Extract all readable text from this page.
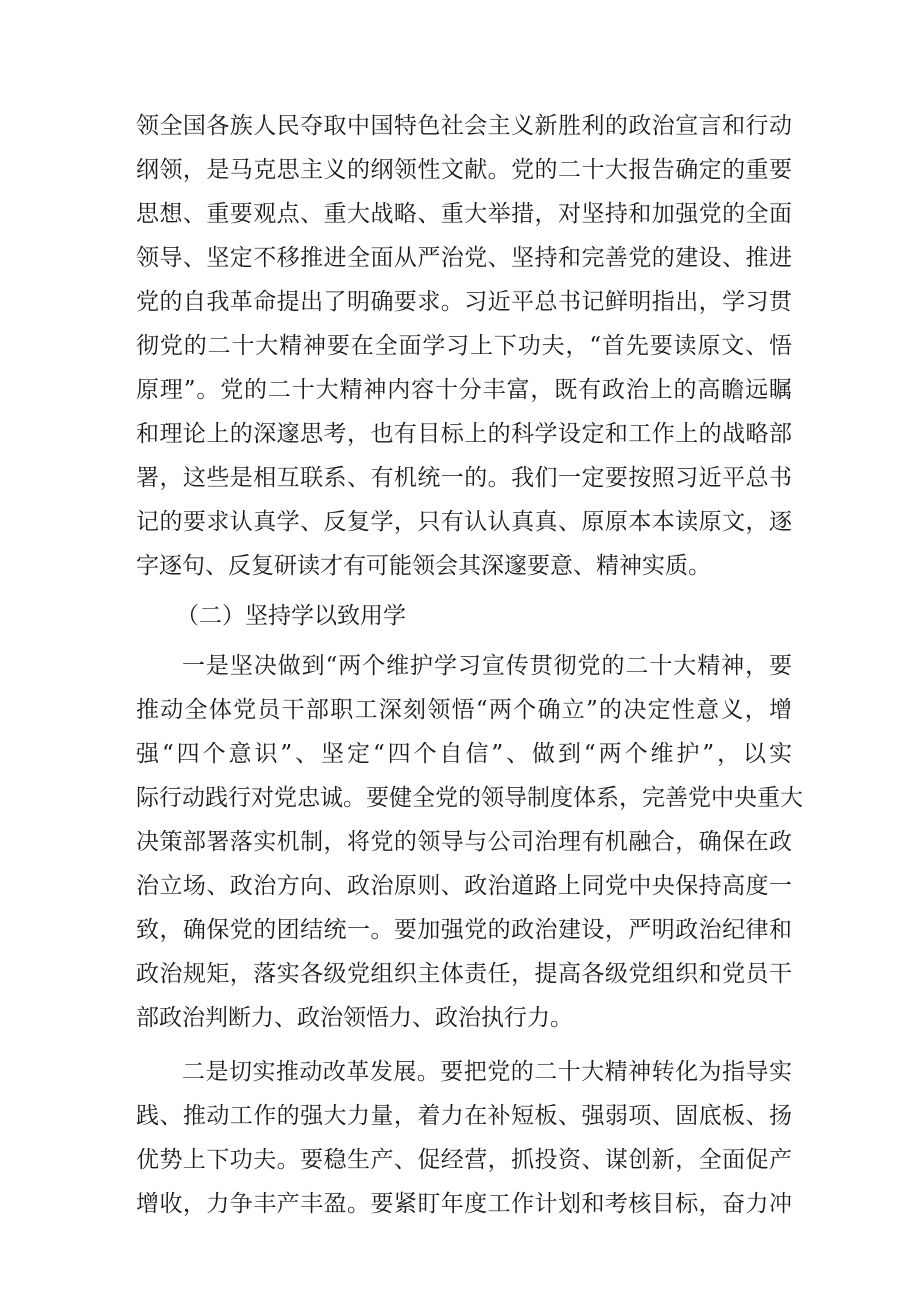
领全国各族人民夺取中国特色社会主义新胜利的政治宣言和行动
纲领，是马克思主义的纲领性文献。党的二十大报告确定的重要
思想、重要观点、重大战略、重大举措，对坚持和加强党的全面
领导、坚定不移推进全面从严治党、坚持和完善党的建设、推进
党的自我革命提出了明确要求。习近平总书记鲜明指出，学习贯
彻党的二十大精神要在全面学习上下功夫，“首先要读原文、悟
原理”。党的二十大精神内容十分丰富，既有政治上的高瞻远瞩
和理论上的深邃思考，也有目标上的科学设定和工作上的战略部
署，这些是相互联系、有机统一的。我们一定要按照习近平总书
记的要求认真学、反复学，只有认认真真、原原本本读原文，逐
字逐句、反复研读才有可能领会其深邃要意、精神实质。
（二）坚持学以致用学
一是坚决做到“两个维护学习宣传贯彻党的二十大精神，要
推动全体党员干部职工深刻领悟“两个确立”的决定性意义，增
强“四个意识”、坚定“四个自信”、做到“两个维护”，以实
际行动践行对党忠诚。要健全党的领导制度体系，完善党中央重大
决策部署落实机制，将党的领导与公司治理有机融合，确保在政
治立场、政治方向、政治原则、政治道路上同党中央保持高度一
致，确保党的团结统一。要加强党的政治建设，严明政治纪律和
政治规矩，落实各级党组织主体责任，提高各级党组织和党员干
部政治判断力、政治领悟力、政治执行力。
二是切实推动改革发展。要把党的二十大精神转化为指导实
践、推动工作的强大力量，着力在补短板、强弱项、固底板、扬
优势上下功夫。要稳生产、促经营，抓投资、谋创新，全面促产
增收，力争丰产丰盈。要紧盯年度工作计划和考核目标，奋力冲
